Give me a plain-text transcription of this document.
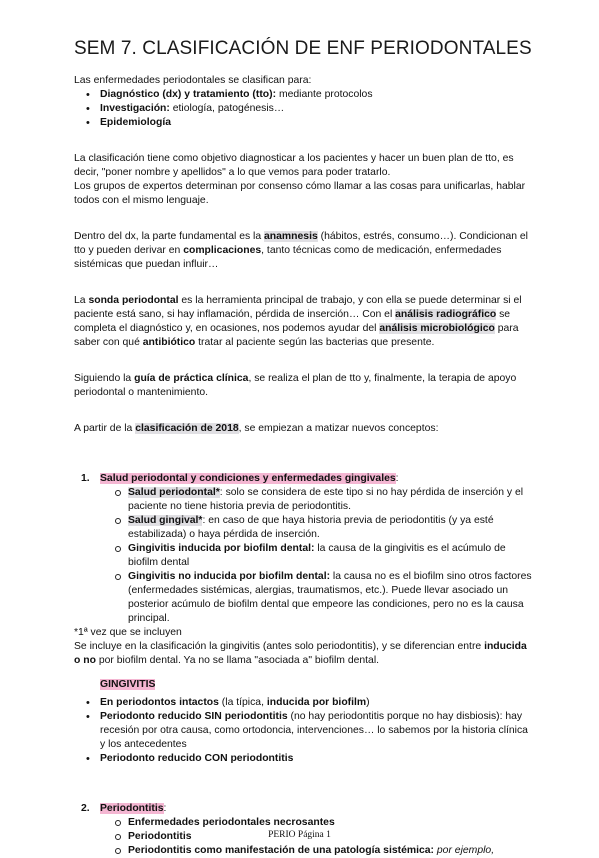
SEM 7. CLASIFICACIÓN DE ENF PERIODONTALES

Las enfermedades periodontales se clasifican para:

• Diagnóstico (dx) y tratamiento (tto): mediante protocolos
• Investigación: etiología, patogénesis…
• Epidemiología

La clasificación tiene como objetivo diagnosticar a los pacientes y hacer un buen plan de tto, es decir, "poner nombre y apellidos" a lo que vemos para poder tratarlo.
Los grupos de expertos determinan por consenso cómo llamar a las cosas para unificarlas, hablar todos con el mismo lenguaje.

Dentro del dx, la parte fundamental es la anamnesis (hábitos, estrés, consumo…). Condicionan el tto y pueden derivar en complicaciones, tanto técnicas como de medicación, enfermedades sistémicas que puedan influir…

La sonda periodontal es la herramienta principal de trabajo, y con ella se puede determinar si el paciente está sano, si hay inflamación, pérdida de inserción… Con el análisis radiográfico se completa el diagnóstico y, en ocasiones, nos podemos ayudar del análisis microbiológico para saber con qué antibiótico tratar al paciente según las bacterias que presente.

Siguiendo la guía de práctica clínica, se realiza el plan de tto y, finalmente, la terapia de apoyo periodontal o mantenimiento.

A partir de la clasificación de 2018, se empiezan a matizar nuevos conceptos:

1. Salud periodontal y condiciones y enfermedades gingivales:
Salud periodontal*: solo se considera de este tipo si no hay pérdida de inserción y el paciente no tiene historia previa de periodontitis.
Salud gingival*: en caso de que haya historia previa de periodontitis (y ya esté estabilizada) o haya pérdida de inserción.
Gingivitis inducida por biofilm dental: la causa de la gingivitis es el acúmulo de biofilm dental
Gingivitis no inducida por biofilm dental: la causa no es el biofilm sino otros factores (enfermedades sistémicas, alergias, traumatismos, etc.). Puede llevar asociado un posterior acúmulo de biofilm dental que empeore las condiciones, pero no es la causa principal.

*1ª vez que se incluyen

Se incluye en la clasificación la gingivitis (antes solo periodontitis), y se diferencian entre inducida o no por biofilm dental. Ya no se llama "asociada a" biofilm dental.

GINGIVITIS
• En periodontos intactos (la típica, inducida por biofilm)
• Periodonto reducido SIN periodontitis (no hay periodontitis porque no hay disbiosis): hay recesión por otra causa, como ortodoncia, intervenciones… lo sabemos por la historia clínica y los antecedentes
• Periodonto reducido CON periodontitis
2. Periodontitis:
Enfermedades periodontales necrosantes
Periodontitis
Periodontitis como manifestación de una patología sistémica: por ejemplo,
PERIO Página 1
